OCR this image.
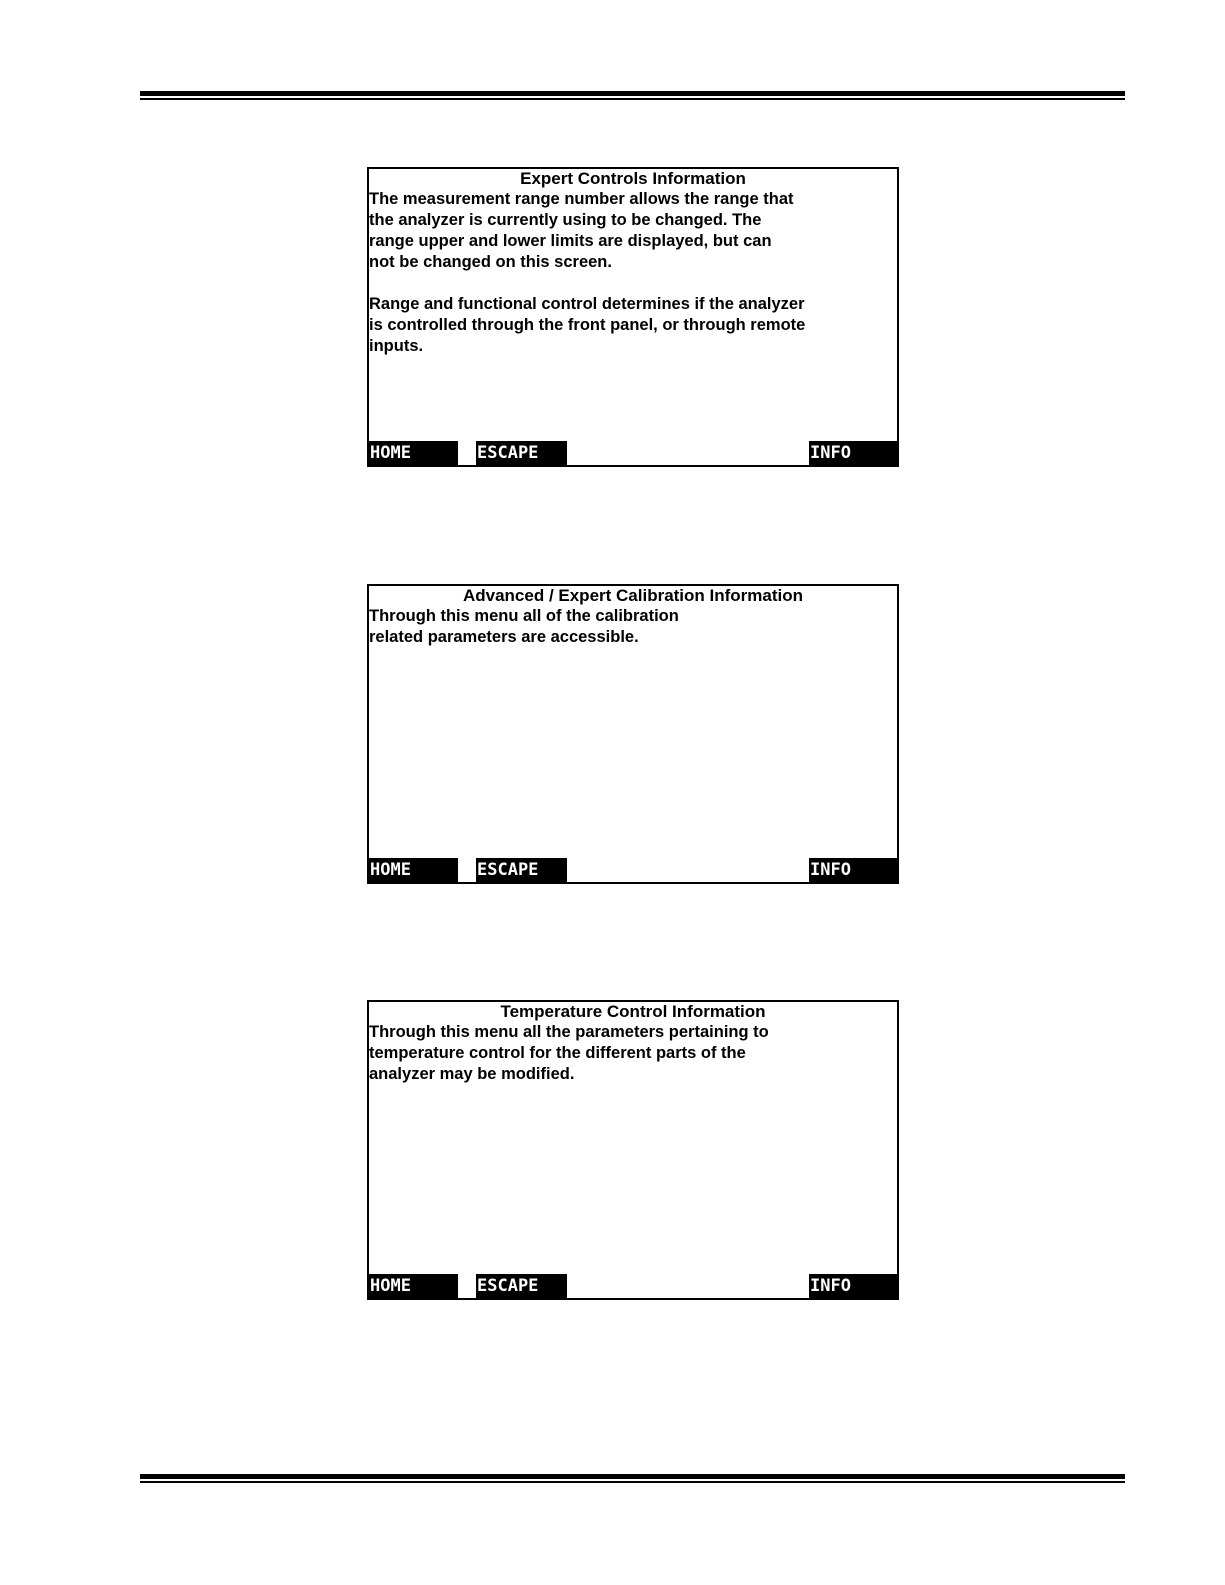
Expert Controls Information
The measurement range number allows the range that
the analyzer is currently using to be changed. The
range upper and lower limits are displayed, but can
not be changed on this screen.
Range and functional control determines if the analyzer
is controlled through the front panel, or through remote
inputs.
HOME	ESCAPE	INFO
Advanced / Expert Calibration Information
Through this menu all of the calibration
related parameters are accessible.
HOME	ESCAPE	INFO
Temperature Control Information
Through this menu all the parameters pertaining to
temperature control for the different parts of the
analyzer may be modified.
HOME	ESCAPE	INFO
